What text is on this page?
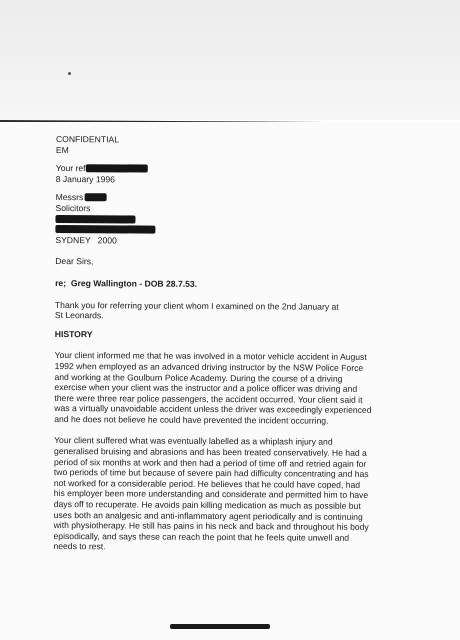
CONFIDENTIAL
EM
Your ref
8 January 1996
Messrs
Solicitors
SYDNEY   2000
Dear Sirs,
re; Greg Wallington - DOB 28.7.53.
Thank you for referring your client whom I examined on the 2nd January at
St Leonards.
HISTORY
Your client informed me that he was involved in a motor vehicle accident in August
1992 when employed as an advanced driving instructor by the NSW Police Force
and working at the Goulburn Police Academy. During the course of a driving
exercise when your client was the instructor and a police officer was driving and
there were three rear police passengers, the accident occurred. Your client said it
was a virtually unavoidable accident unless the driver was exceedingly experienced
and he does not believe he could have prevented the incident occurring.
Your client suffered what was eventually labelled as a whiplash injury and
generalised bruising and abrasions and has been treated conservatively. He had a
period of six months at work and then had a period of time off and retried again for
two periods of time but because of severe pain had difficulty concentrating and has
not worked for a considerable period. He believes that he could have coped, had
his employer been more understanding and considerate and permitted him to have
days off to recuperate. He avoids pain killing medication as much as possible but
uses both an analgesic and anti-inflammatory agent periodically and is continuing
with physiotherapy. He still has pains in his neck and back and throughout his body
episodically, and says these can reach the point that he feels quite unwell and
needs to rest.
